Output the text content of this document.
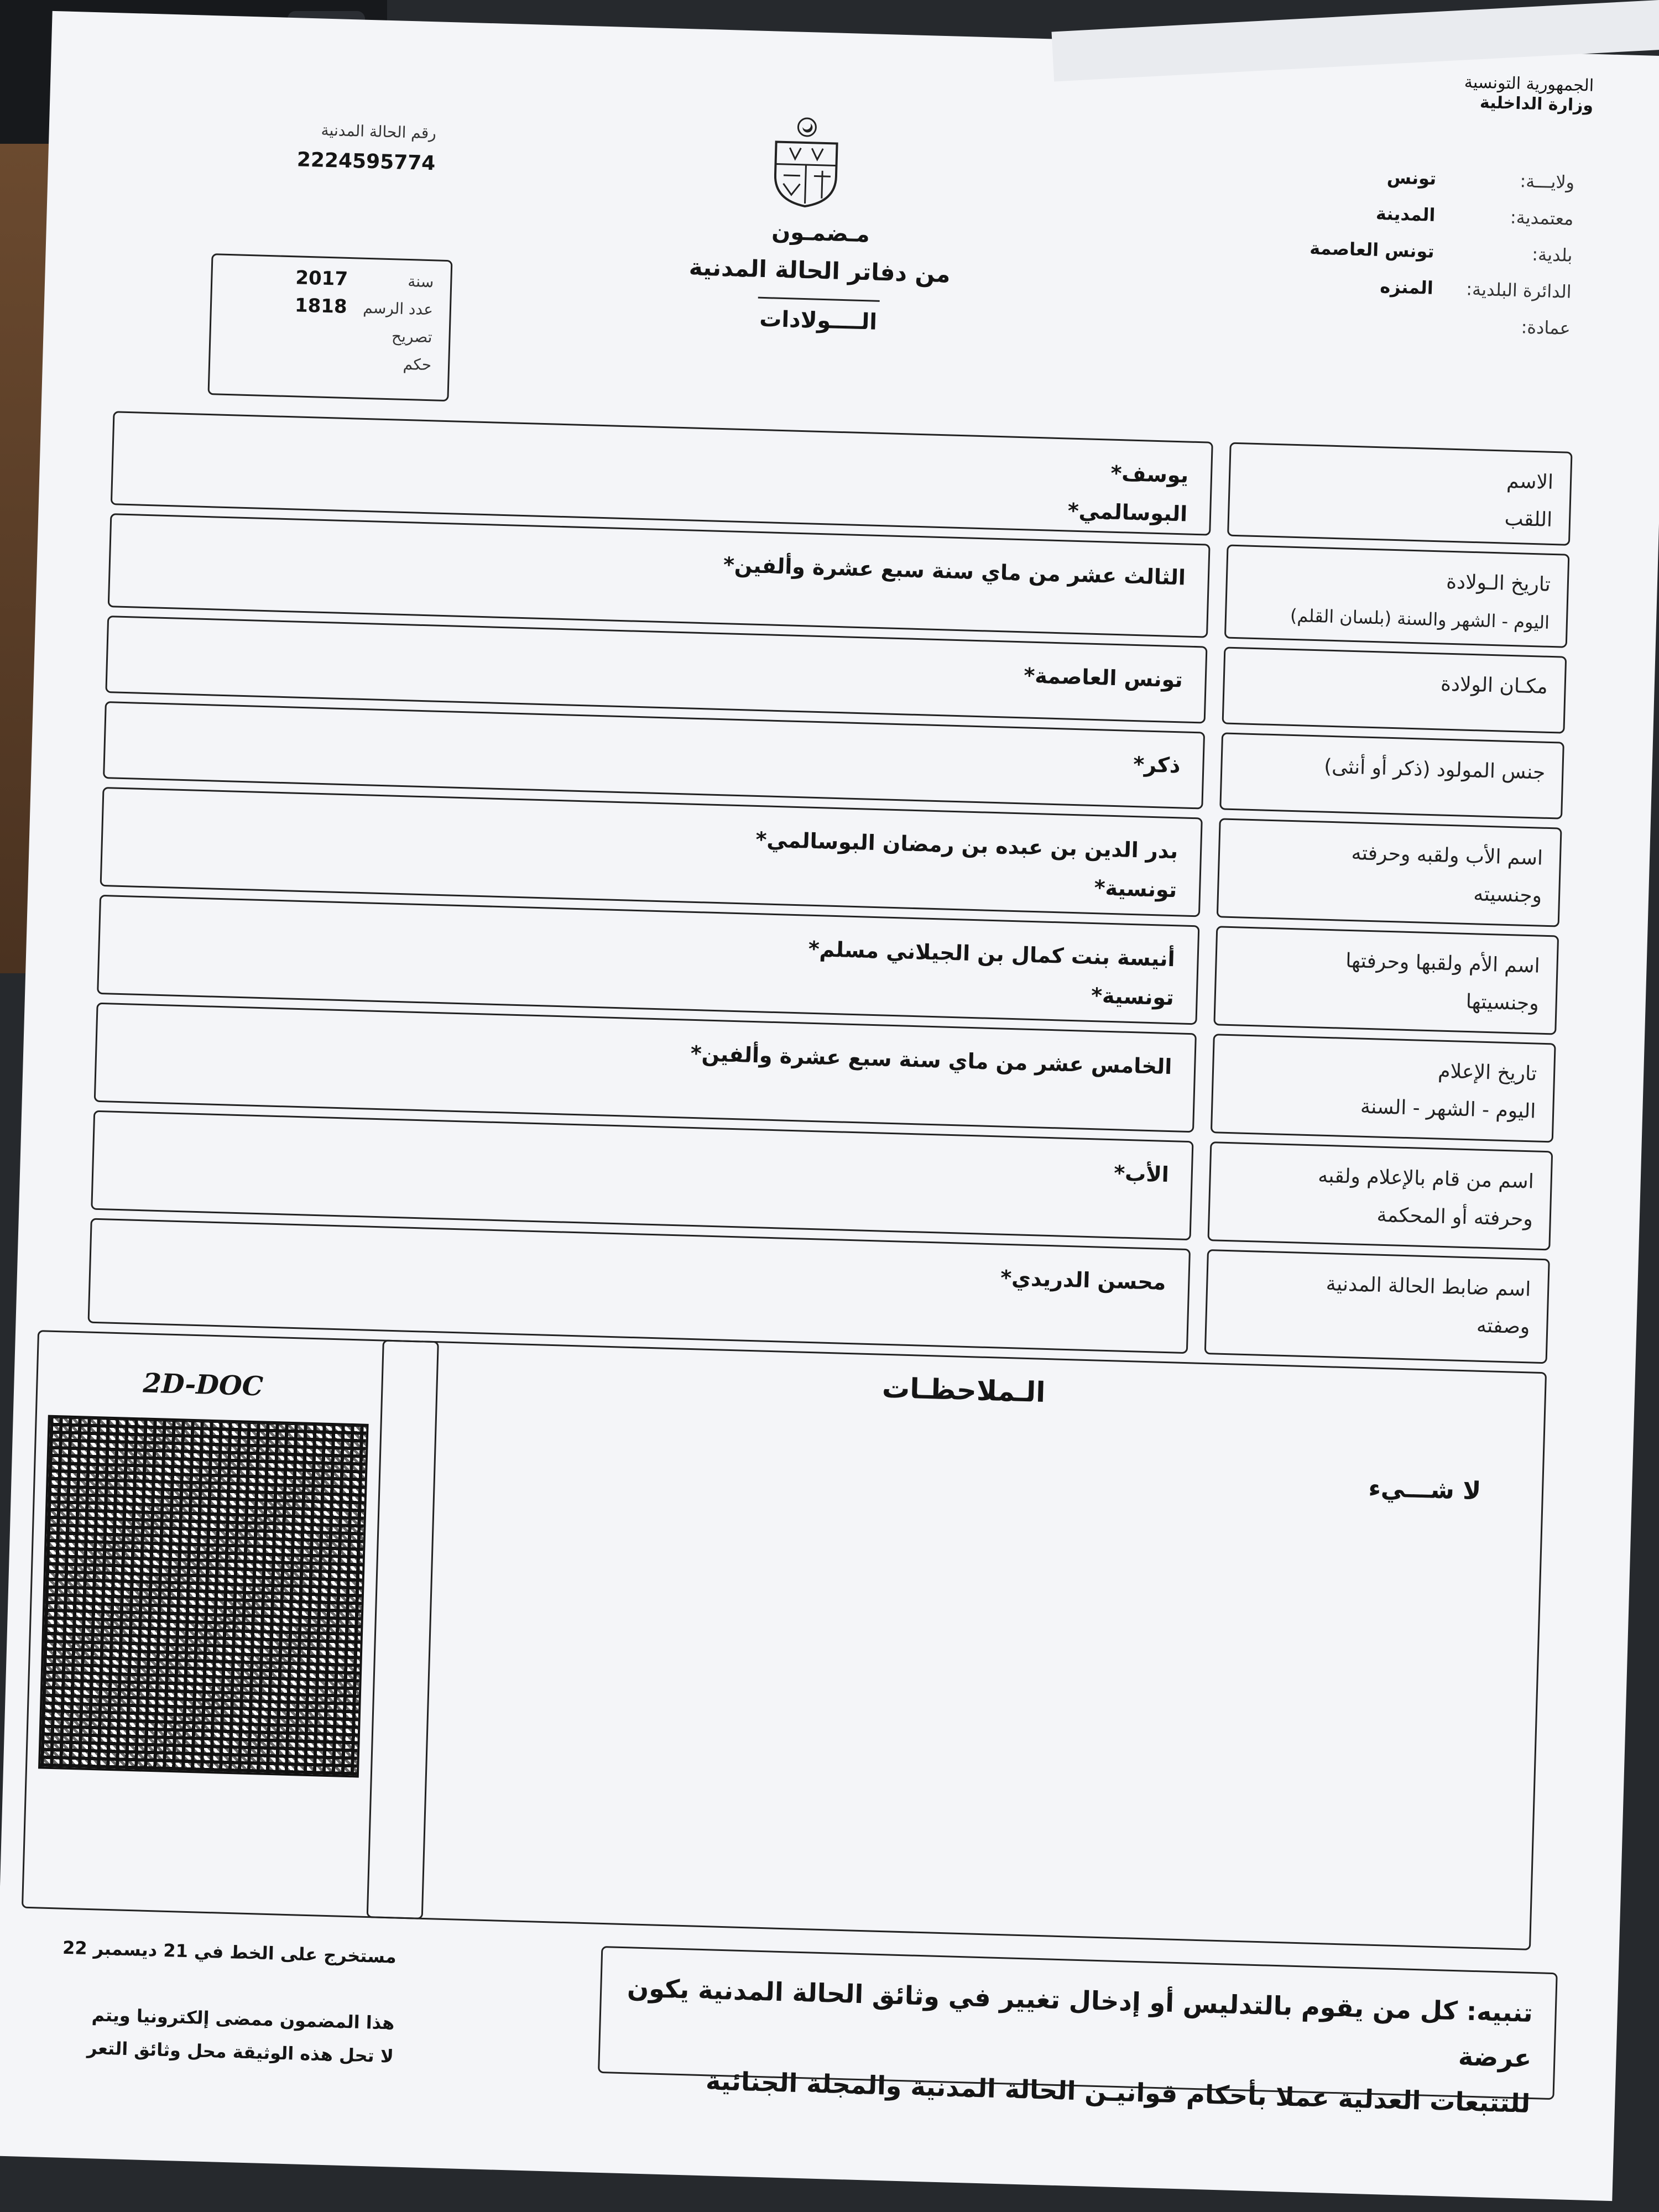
الجمهورية التونسية
وزارة الداخلية
ولايـــة:
تونس
معتمدية:
المدينة
بلدية:
تونس العاصمة
الدائرة البلدية:
المنزه
عمادة:
مـضمـون
من دفاتر الحالة المدنية
الــــولادات
رقم الحالة المدنية
2224595774
سنة
2017
عدد الرسم
1818
تصريح
حكم
الاسم
اللقب
يوسف*
البوسالمي*
تاريخ الـولادة
اليوم - الشهر والسنة (بلسان القلم)
الثالث عشر من ماي سنة سبع عشرة وألفين*
مكـان الولادة
تونس العاصمة*
جنس المولود (ذكر أو أنثى)
ذكر*
اسم الأب ولقبه وحرفته
وجنسيته
بدر الدين بن عبده بن رمضان البوسالمي*
تونسية*
اسم الأم ولقبها وحرفتها
وجنسيتها
أنيسة بنت كمال بن الجيلاني مسلم*
تونسية*
تاريخ الإعلام
اليوم - الشهر - السنة
الخامس عشر من ماي سنة سبع عشرة وألفين*
اسم من قام بالإعلام ولقبه
وحرفته أو المحكمة
الأب*
الـملاحظـات
لا شـــيء
2D-DOC
اسم ضابط الحالة المدنية
وصفته
محسن الدريدي*
تنبيه: كل من يقوم بالتدليس أو إدخال تغيير في وثائق الحالة المدنية يكون عرضة
للتتبعات العدلية عملا بأحكام قوانيـن الحالة المدنية والمجلة الجنائية
مستخرج على الخط في 21 ديسمبر 22
هذا المضمون ممضى إلكترونيا ويتم
لا تحل هذه الوثيقة محل وثائق التعر
